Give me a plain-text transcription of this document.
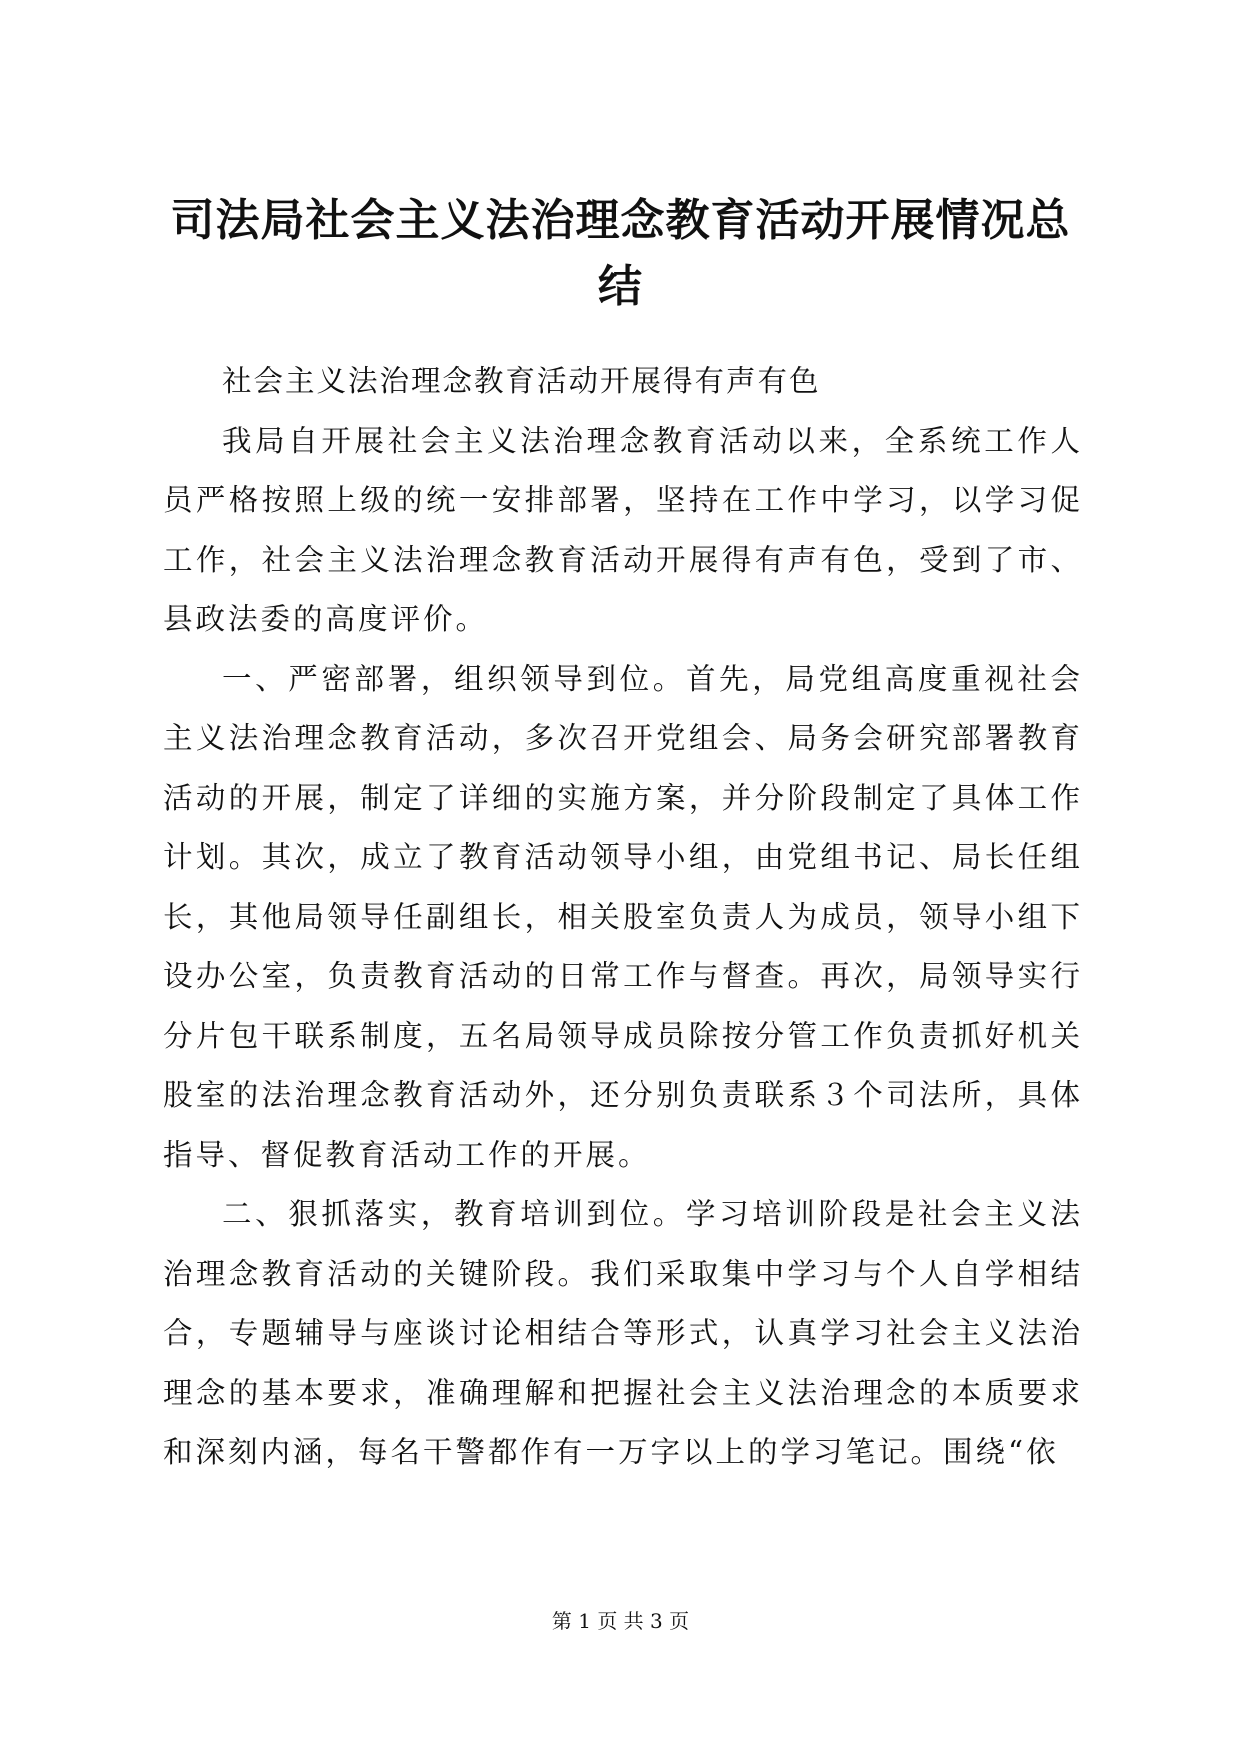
司法局社会主义法治理念教育活动开展情况总结

社会主义法治理念教育活动开展得有声有色

我局自开展社会主义法治理念教育活动以来，全系统工作人员严格按照上级的统一安排部署，坚持在工作中学习，以学习促工作，社会主义法治理念教育活动开展得有声有色，受到了市、县政法委的高度评价。

一、严密部署，组织领导到位。首先，局党组高度重视社会主义法治理念教育活动，多次召开党组会、局务会研究部署教育活动的开展，制定了详细的实施方案，并分阶段制定了具体工作计划。其次，成立了教育活动领导小组，由党组书记、局长任组长，其他局领导任副组长，相关股室负责人为成员，领导小组下设办公室，负责教育活动的日常工作与督查。再次，局领导实行分片包干联系制度，五名局领导成员除按分管工作负责抓好机关股室的法治理念教育活动外，还分别负责联系３个司法所，具体指导、督促教育活动工作的开展。

二、狠抓落实，教育培训到位。学习培训阶段是社会主义法治理念教育活动的关键阶段。我们采取集中学习与个人自学相结合，专题辅导与座谈讨论相结合等形式，认真学习社会主义法治理念的基本要求，准确理解和把握社会主义法治理念的本质要求和深刻内涵，每名干警都作有一万字以上的学习笔记。围绕“依

第 1 页 共 3 页
